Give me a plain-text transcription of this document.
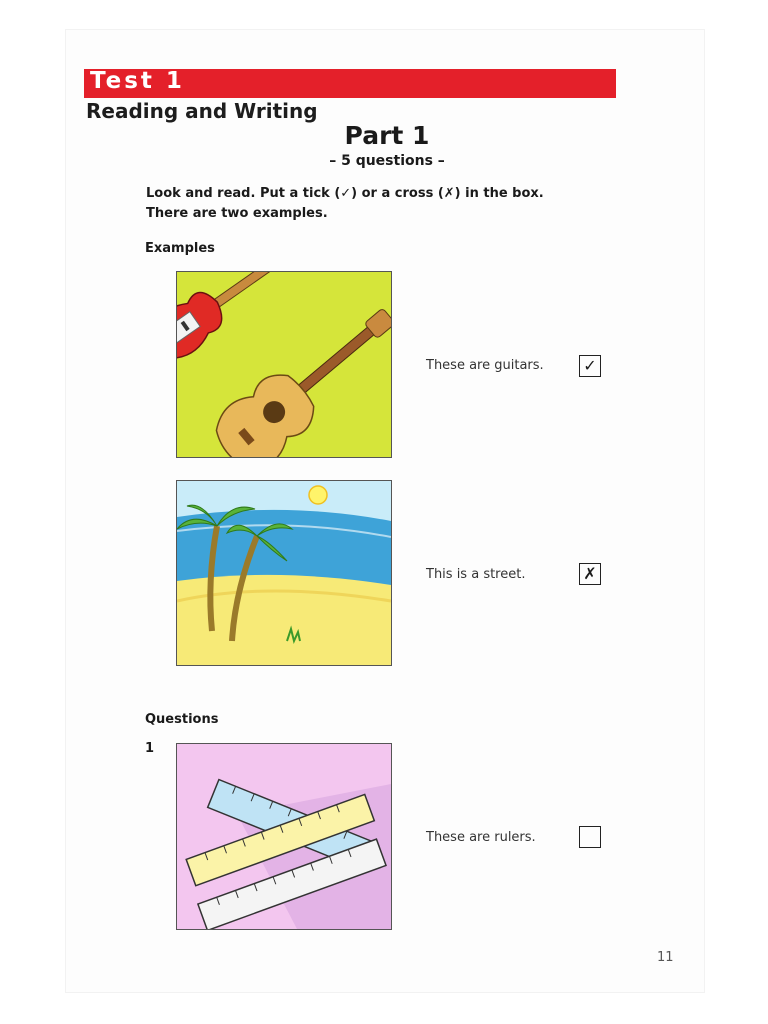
Test 1
Reading and Writing
Part 1
– 5 questions –
Look and read. Put a tick (✓) or a cross (✗) in the box.
There are two examples.
Examples
These are guitars. ✓
This is a street.	✗
Questions
1
These are rulers.
11
